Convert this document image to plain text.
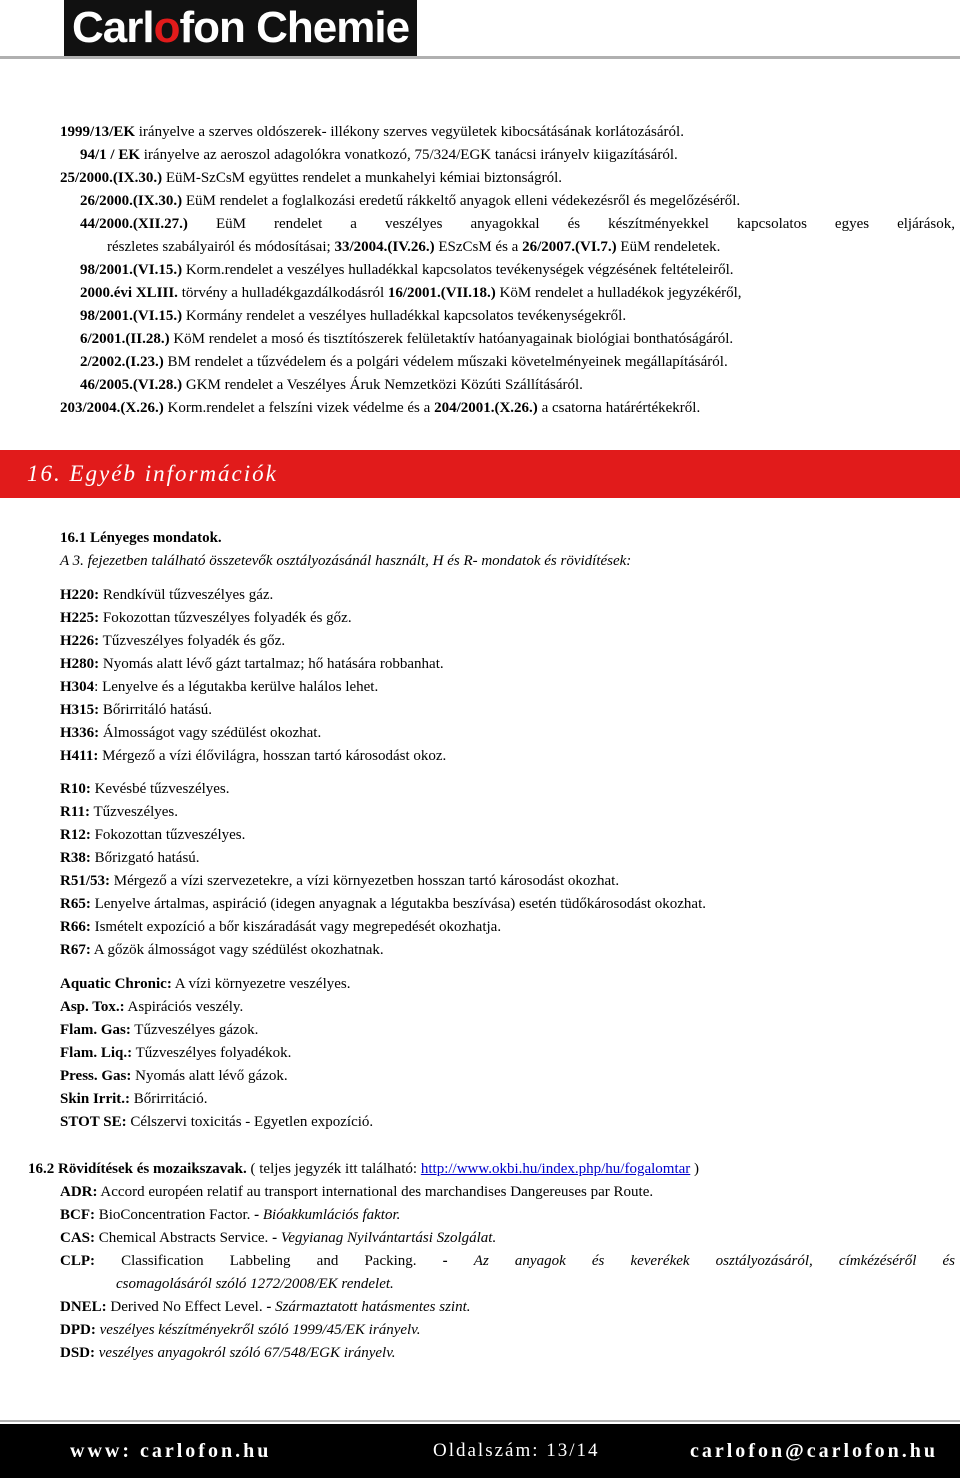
Carlofon Chemie
1999/13/EK irányelve a szerves oldószerek- illékony szerves vegyületek kibocsátásának korlátozásáról.
94/1 / EK irányelve az aeroszol adagolókra vonatkozó, 75/324/EGK tanácsi irányelv kiigazításáról.
25/2000.(IX.30.) EüM-SzCsM együttes rendelet a munkahelyi kémiai biztonságról.
26/2000.(IX.30.) EüM rendelet a foglalkozási eredetű rákkeltő anyagok elleni védekezésről és megelőzéséről.
44/2000.(XII.27.) EüM rendelet a veszélyes anyagokkal és készítményekkel kapcsolatos egyes eljárások,
részletes szabályairól és módosításai; 33/2004.(IV.26.) ESzCsM és a 26/2007.(VI.7.) EüM rendeletek.
98/2001.(VI.15.) Korm.rendelet a veszélyes hulladékkal kapcsolatos tevékenységek végzésének feltételeiről.
2000.évi XLIII. törvény a hulladékgazdálkodásról 16/2001.(VII.18.) KöM rendelet a hulladékok jegyzékéről,
98/2001.(VI.15.) Kormány rendelet a veszélyes hulladékkal kapcsolatos tevékenységekről.
6/2001.(II.28.) KöM rendelet a mosó és tisztítószerek felületaktív hatóanyagainak biológiai bonthatóságáról.
2/2002.(I.23.) BM rendelet a tűzvédelem és a polgári védelem műszaki követelményeinek megállapításáról.
46/2005.(VI.28.) GKM rendelet a Veszélyes Áruk Nemzetközi Közúti Szállításáról.
203/2004.(X.26.) Korm.rendelet a felszíni vizek védelme és a 204/2001.(X.26.) a csatorna határértékekről.
16. Egyéb információk
16.1 Lényeges mondatok.
A 3. fejezetben található összetevők osztályozásánál használt, H és R- mondatok és rövidítések:
H220: Rendkívül tűzveszélyes gáz.
H225: Fokozottan tűzveszélyes folyadék és gőz.
H226: Tűzveszélyes folyadék és gőz.
H280: Nyomás alatt lévő gázt tartalmaz; hő hatására robbanhat.
H304: Lenyelve és a légutakba kerülve halálos lehet.
H315: Bőrirritáló hatású.
H336: Álmosságot vagy szédülést okozhat.
H411: Mérgező a vízi élővilágra, hosszan tartó károsodást okoz.
R10: Kevésbé tűzveszélyes.
R11: Tűzveszélyes.
R12: Fokozottan tűzveszélyes.
R38: Bőrizgató hatású.
R51/53: Mérgező a vízi szervezetekre, a vízi környezetben hosszan tartó károsodást okozhat.
R65: Lenyelve ártalmas, aspiráció (idegen anyagnak a légutakba beszívása) esetén tüdőkárosodást okozhat.
R66: Ismételt expozíció a bőr kiszáradását vagy megrepedését okozhatja.
R67: A gőzök álmosságot vagy szédülést okozhatnak.
Aquatic Chronic: A vízi környezetre veszélyes.
Asp. Tox.: Aspirációs veszély.
Flam. Gas: Tűzveszélyes gázok.
Flam. Liq.: Tűzveszélyes folyadékok.
Press. Gas: Nyomás alatt lévő gázok.
Skin Irrit.: Bőrirritáció.
STOT SE: Célszervi toxicitás - Egyetlen expozíció.
16.2 Rövidítések és mozaikszavak. ( teljes jegyzék itt található: http://www.okbi.hu/index.php/hu/fogalomtar )
ADR: Accord européen relatif au transport international des marchandises Dangereuses par Route.
BCF: BioConcentration Factor. - Bióakkumlációs faktor.
CAS: Chemical Abstracts Service. - Vegyianag Nyilvántartási Szolgálat.
CLP: Classification Labbeling and Packing. - Az anyagok és keverékek osztályozásáról, címkézéséről és
csomagolásáról szóló 1272/2008/EK rendelet.
DNEL: Derived No Effect Level. - Származtatott hatásmentes szint.
DPD: veszélyes készítményekről szóló 1999/45/EK irányelv.
DSD: veszélyes anyagokról szóló 67/548/EGK irányelv.
www: carlofon.hu	Oldalszám: 13/14	carlofon@carlofon.hu
